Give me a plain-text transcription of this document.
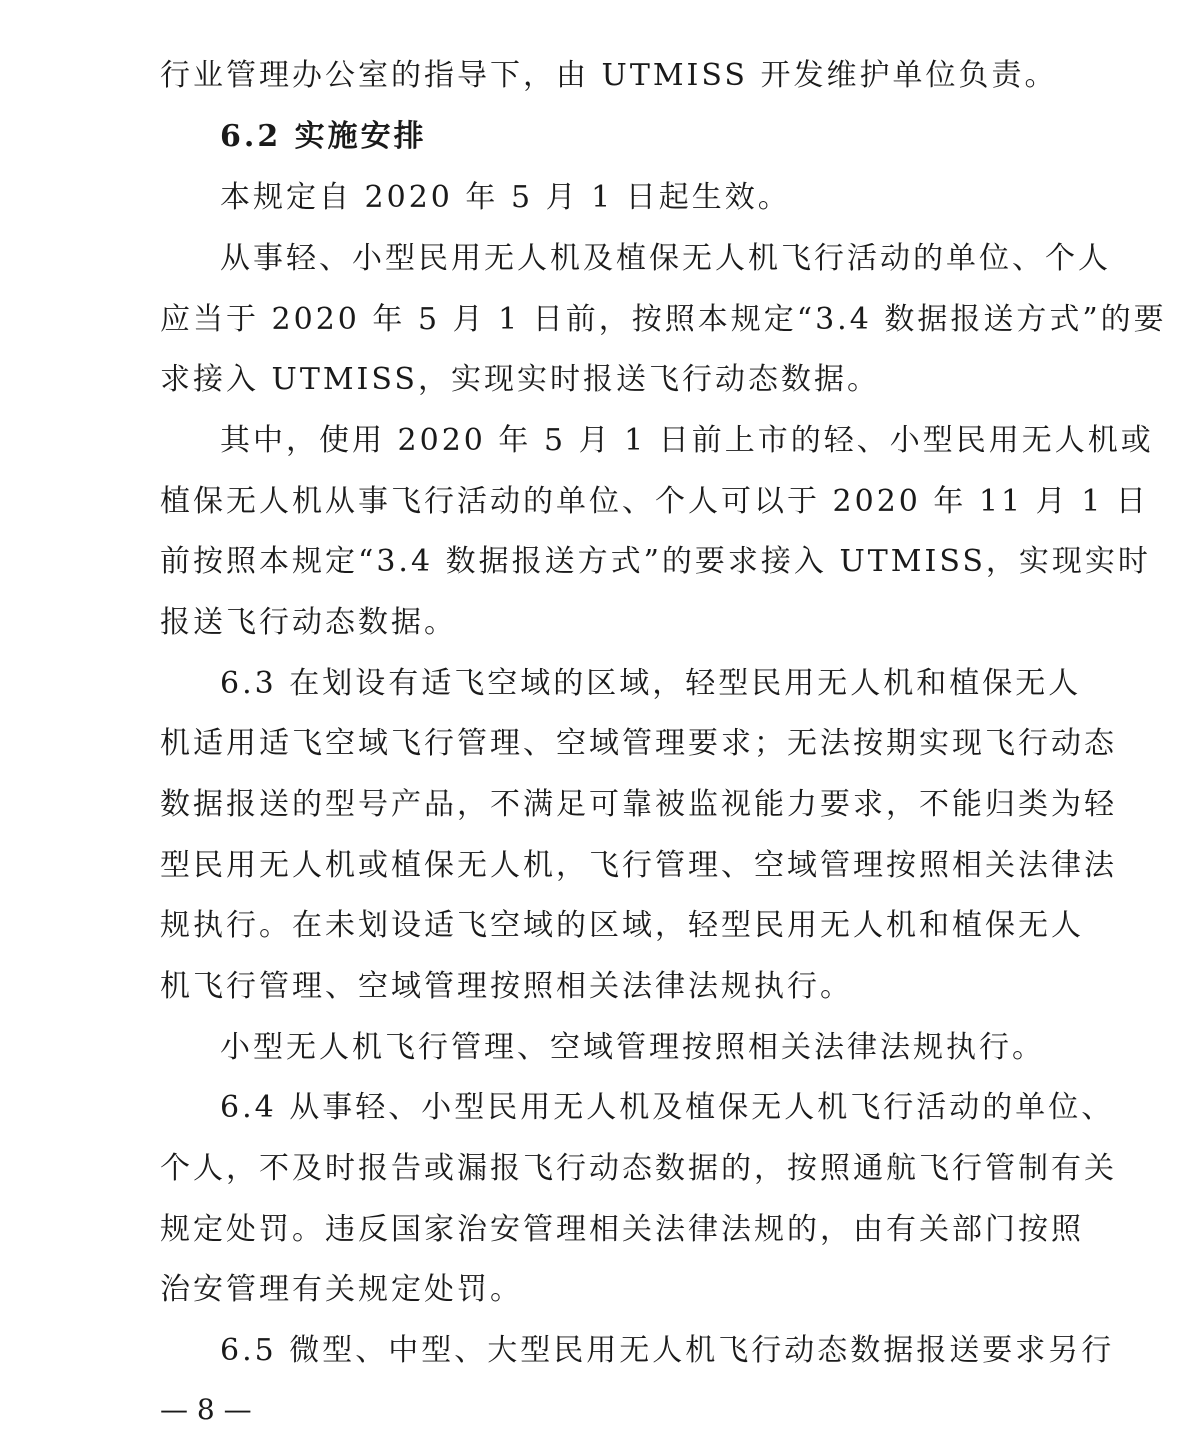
行业管理办公室的指导下，由 UTMISS 开发维护单位负责。
6.2 实施安排
本规定自 2020 年 5 月 1 日起生效。
从事轻、小型民用无人机及植保无人机飞行活动的单位、个人
应当于 2020 年 5 月 1 日前，按照本规定“3.4 数据报送方式”的要
求接入 UTMISS，实现实时报送飞行动态数据。
其中，使用 2020 年 5 月 1 日前上市的轻、小型民用无人机或
植保无人机从事飞行活动的单位、个人可以于 2020 年 11 月 1 日
前按照本规定“3.4 数据报送方式”的要求接入 UTMISS，实现实时
报送飞行动态数据。
6.3 在划设有适飞空域的区域，轻型民用无人机和植保无人
机适用适飞空域飞行管理、空域管理要求；无法按期实现飞行动态
数据报送的型号产品，不满足可靠被监视能力要求，不能归类为轻
型民用无人机或植保无人机，飞行管理、空域管理按照相关法律法
规执行。在未划设适飞空域的区域，轻型民用无人机和植保无人
机飞行管理、空域管理按照相关法律法规执行。
小型无人机飞行管理、空域管理按照相关法律法规执行。
6.4 从事轻、小型民用无人机及植保无人机飞行活动的单位、
个人，不及时报告或漏报飞行动态数据的，按照通航飞行管制有关
规定处罚。违反国家治安管理相关法律法规的，由有关部门按照
治安管理有关规定处罚。
6.5 微型、中型、大型民用无人机飞行动态数据报送要求另行
— 8 —
